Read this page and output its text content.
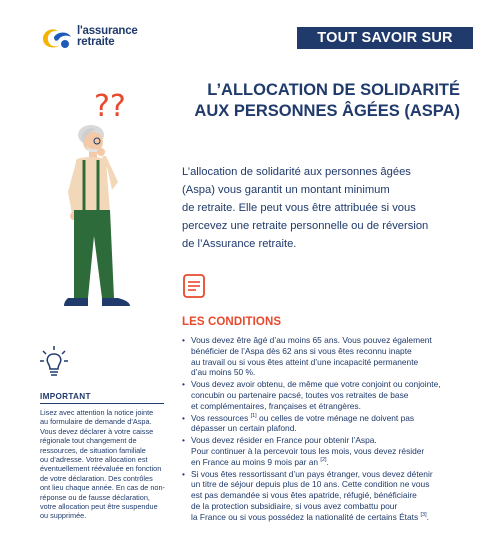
l'assurance
retraite	TOUT SAVOIR SUR
L’ALLOCATION DE SOLIDARITÉ
AUX PERSONNES ÂGÉES (ASPA)
??
L’allocation de solidarité aux personnes âgées
(Aspa) vous garantit un montant minimum
de retraite. Elle peut vous être attribuée si vous
percevez une retraite personnelle ou de réversion
de l’Assurance retraite.
LES CONDITIONS
• Vous devez être âgé d’au moins 65 ans. Vous pouvez également
bénéficier de l’Aspa dès 62 ans si vous êtes reconnu inapte
au travail ou si vous êtes atteint d’une incapacité permanente
d’au moins 50 %.
• Vous devez avoir obtenu, de même que votre conjoint ou conjointe,
concubin ou partenaire pacsé, toutes vos retraites de base
et complémentaires, françaises et étrangères.
• Vos ressources [1] ou celles de votre ménage ne doivent pas
dépasser un certain plafond.
• Vous devez résider en France pour obtenir l’Aspa.
Pour continuer à la percevoir tous les mois, vous devez résider
en France au moins 9 mois par an [2].
• Si vous êtes ressortissant d’un pays étranger, vous devez détenir
un titre de séjour depuis plus de 10 ans. Cette condition ne vous
est pas demandée si vous êtes apatride, réfugié, bénéficiaire
de la protection subsidiaire, si vous avez combattu pour
la France ou si vous possédez la nationalité de certains États [3].
IMPORTANT
Lisez avec attention la notice jointe
au formulaire de demande d’Aspa.
Vous devez déclarer à votre caisse
régionale tout changement de
ressources, de situation familiale
ou d’adresse. Votre allocation est
éventuellement réévaluée en fonction
de votre déclaration. Des contrôles
ont lieu chaque année. En cas de non-
réponse ou de fausse déclaration,
votre allocation peut être suspendue
ou supprimée.
